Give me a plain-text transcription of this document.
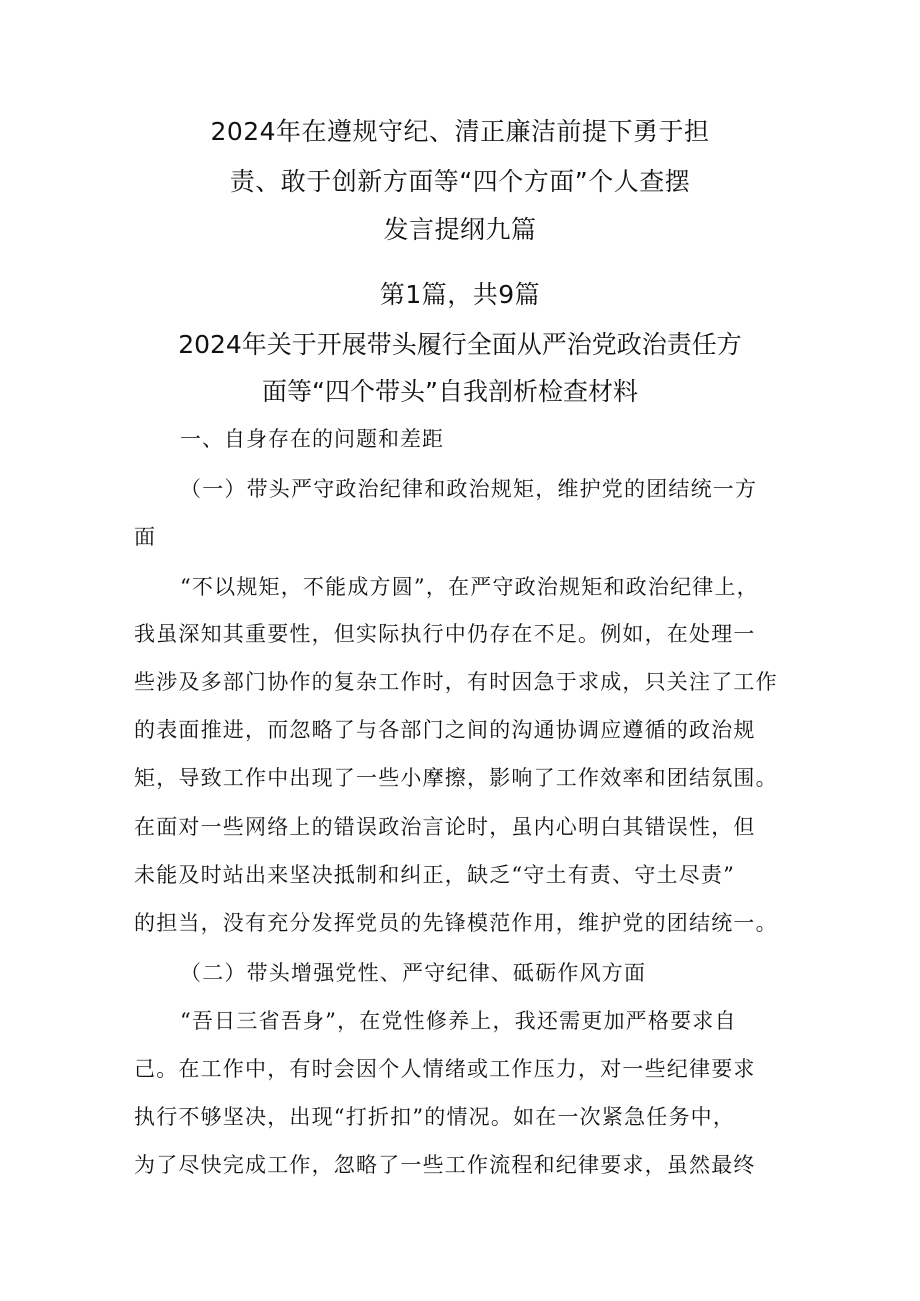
2024年在遵规守纪、清正廉洁前提下勇于担
责、敢于创新方面等“四个方面”个人查摆
发言提纲九篇
第1篇，共9篇
2024年关于开展带头履行全面从严治党政治责任方
面等“四个带头”自我剖析检查材料
一、自身存在的问题和差距
（一）带头严守政治纪律和政治规矩，维护党的团结统一方
面
“不以规矩，不能成方圆”，在严守政治规矩和政治纪律上，
我虽深知其重要性，但实际执行中仍存在不足。例如，在处理一
些涉及多部门协作的复杂工作时，有时因急于求成，只关注了工作
的表面推进，而忽略了与各部门之间的沟通协调应遵循的政治规
矩，导致工作中出现了一些小摩擦，影响了工作效率和团结氛围。
在面对一些网络上的错误政治言论时，虽内心明白其错误性，但
未能及时站出来坚决抵制和纠正，缺乏“守土有责、守土尽责”
的担当，没有充分发挥党员的先锋模范作用，维护党的团结统一。
（二）带头增强党性、严守纪律、砥砺作风方面
“吾日三省吾身”，在党性修养上，我还需更加严格要求自
己。在工作中，有时会因个人情绪或工作压力，对一些纪律要求
执行不够坚决，出现“打折扣”的情况。如在一次紧急任务中，
为了尽快完成工作，忽略了一些工作流程和纪律要求，虽然最终
